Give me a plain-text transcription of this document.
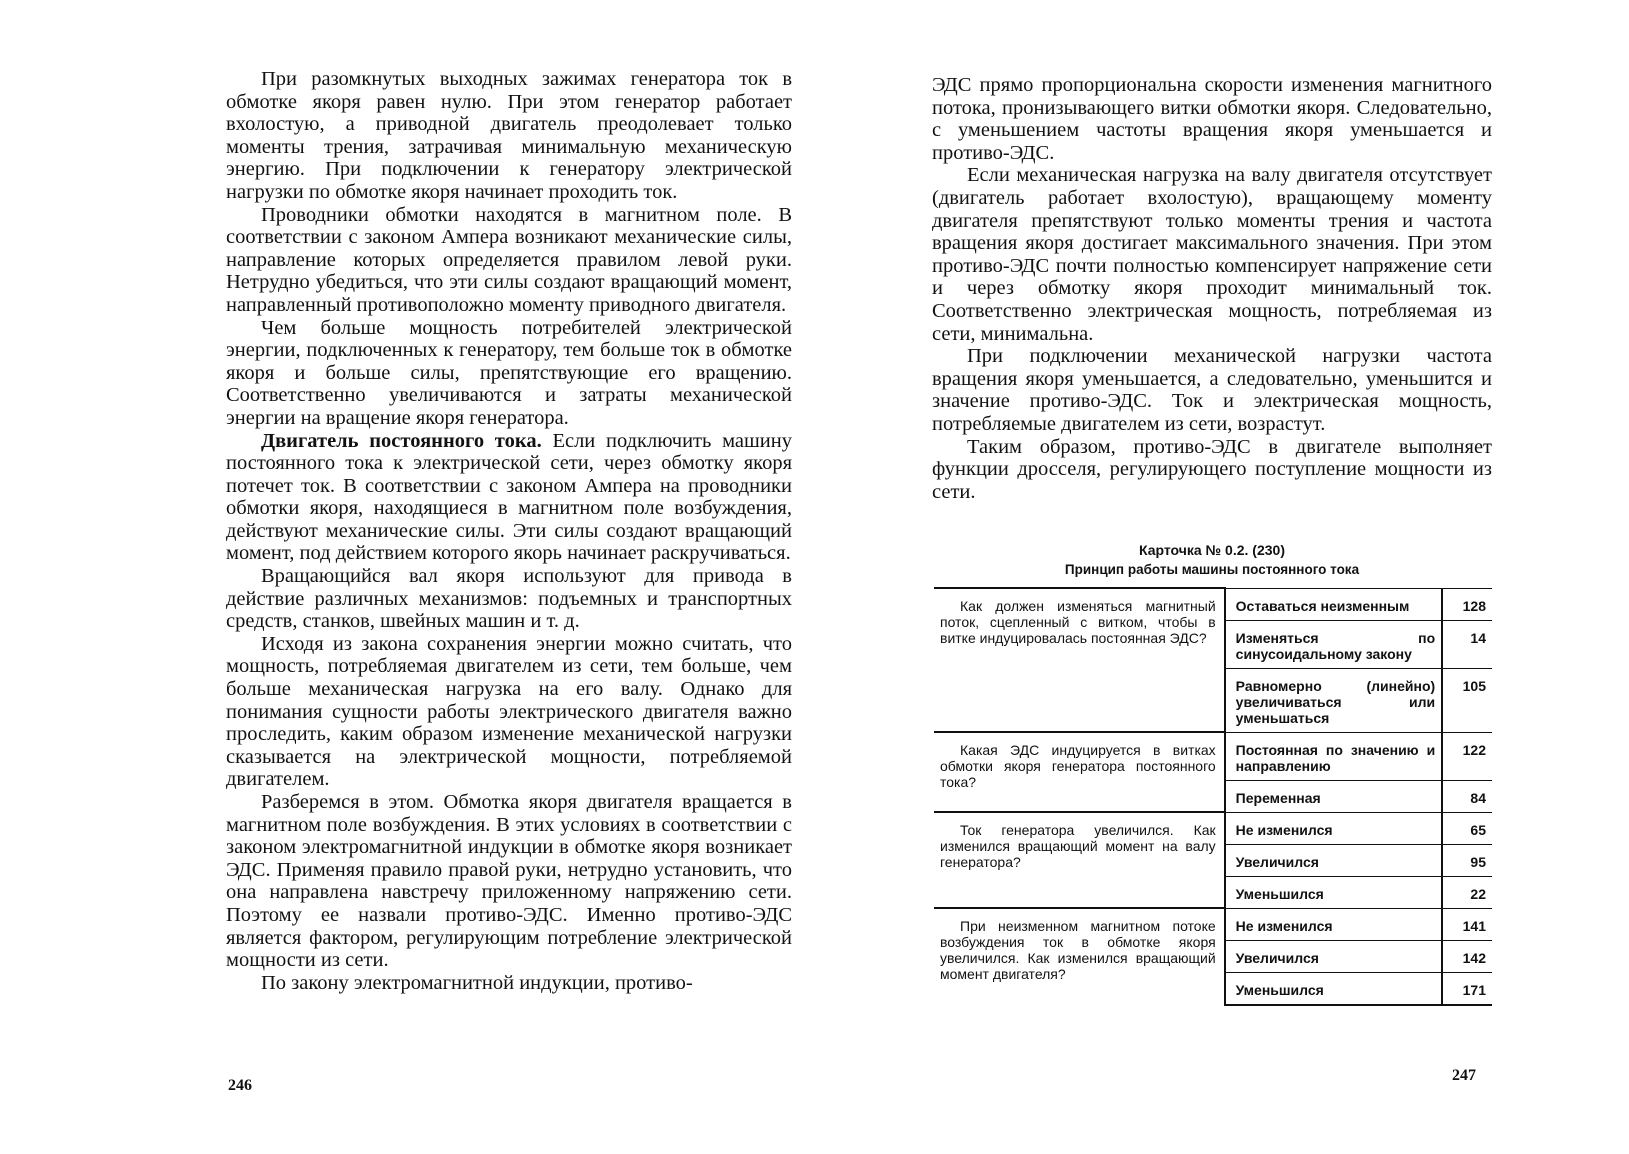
При разомкнутых выходных зажимах генератора ток в обмотке якоря равен нулю. При этом генератор работает вхолостую, а приводной двигатель преодолевает только моменты трения, затрачивая минимальную механическую энергию. При подключении к генератору электрической нагрузки по обмотке якоря начинает проходить ток.

Проводники обмотки находятся в магнитном поле. В соответствии с законом Ампера возникают механические силы, направление которых определяется правилом левой руки. Нетрудно убедиться, что эти силы создают вращающий момент, направленный противоположно моменту приводного двигателя.

Чем больше мощность потребителей электрической энергии, подключенных к генератору, тем больше ток в обмотке якоря и больше силы, препятствующие его вращению. Соответственно увеличиваются и затраты механической энергии на вращение якоря генератора.

Двигатель постоянного тока. Если подключить машину постоянного тока к электрической сети, через обмотку якоря потечет ток. В соответствии с законом Ампера на проводники обмотки якоря, находящиеся в магнитном поле возбуждения, действуют механические силы. Эти силы создают вращающий момент, под действием которого якорь начинает раскручиваться.

Вращающийся вал якоря используют для привода в действие различных механизмов: подъемных и транспортных средств, станков, швейных машин и т. д.

Исходя из закона сохранения энергии можно считать, что мощность, потребляемая двигателем из сети, тем больше, чем больше механическая нагрузка на его валу. Однако для понимания сущности работы электрического двигателя важно проследить, каким образом изменение механической нагрузки сказывается на электрической мощности, потребляемой двигателем.

Разберемся в этом. Обмотка якоря двигателя вращается в магнитном поле возбуждения. В этих условиях в соответствии с законом электромагнитной индукции в обмотке якоря возникает ЭДС. Применяя правило правой руки, нетрудно установить, что она направлена навстречу приложенному напряжению сети. Поэтому ее назвали противо-ЭДС. Именно противо-ЭДС является фактором, регулирующим потребление электрической мощности из сети.

По закону электромагнитной индукции, противо-

246

ЭДС прямо пропорциональна скорости изменения магнитного потока, пронизывающего витки обмотки якоря. Следовательно, с уменьшением частоты вращения якоря уменьшается и противо-ЭДС.

Если механическая нагрузка на валу двигателя отсутствует (двигатель работает вхолостую), вращающему моменту двигателя препятствуют только моменты трения и частота вращения якоря достигает максимального значения. При этом противо-ЭДС почти полностью компенсирует напряжение сети и через обмотку якоря проходит минимальный ток. Соответственно электрическая мощность, потребляемая из сети, минимальна.

При подключении механической нагрузки частота вращения якоря уменьшается, а следовательно, уменьшится и значение противо-ЭДС. Ток и электрическая мощность, потребляемые двигателем из сети, возрастут.

Таким образом, противо-ЭДС в двигателе выполняет функции дросселя, регулирующего поступление мощности из сети.

Карточка № 0.2. (230)
Принцип работы машины постоянного тока
Как должен изменяться магнитный поток, сцепленный с витком, чтобы в витке индуцировалась постоянная ЭДС?	Оставаться неизменным	128
	Изменяться по синусоидальному закону	14
	Равномерно (линейно) увеличиваться или уменьшаться	105
Какая ЭДС индуцируется в витках обмотки якоря генератора постоянного тока?	Постоянная по значению и направлению	122
	Переменная	84
Ток генератора увеличился. Как изменился вращающий момент на валу генератора?	Не изменился	65
	Увеличился	95
	Уменьшился	22
При неизменном магнитном потоке возбуждения ток в обмотке якоря увеличился. Как изменился вращающий момент двигателя?	Не изменился	141
	Увеличился	142
	Уменьшился	171
247
